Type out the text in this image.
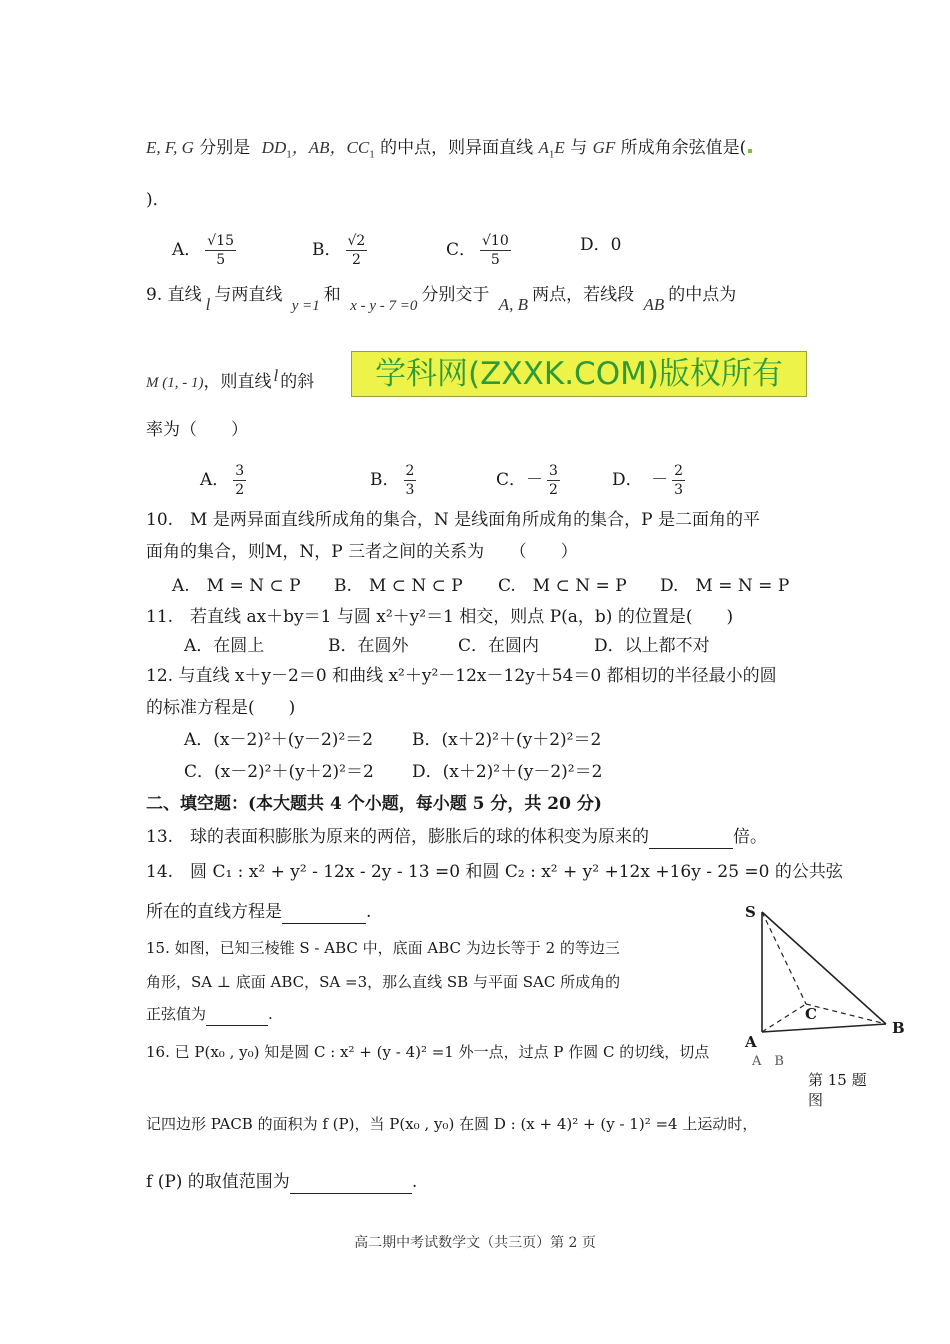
E, F, G 分别是 $DD_1$，AB，$CC_1$ 的中点，则异面直线 $A_1E$ 与 GF 所成角余弦值是(
)．
A． $\frac{√15}{5}$	B． $\frac{√2}{2}$	C． $\frac{√10}{5}$	D．0
9. 直线 l 与两直线 y =1和 x - y - 7 =0分别交于 A, B 两点，若线段 AB 的中点为
M (1, - 1)，则直线 l 的斜	学科网(ZXXK.COM)版权所有
率为（　　）
A． $\frac{3}{2}$	B． $\frac{2}{3}$	C．－ $\frac{3}{2}$	D．　－ $\frac{2}{3}$
10.　M 是两异面直线所成角的集合，N 是线面角所成角的集合，P 是二面角的平
面角的集合，则M，N，P 三者之间的关系为　　（　　）
A.　M = N ⊂ P B.　M ⊂ N ⊂ P C.　M ⊂ N = P D.　M = N = P
11.　若直线 ax＋by＝1 与圆 x²＋y²＝1 相交，则点 P(a，b) 的位置是(　　)
A．在圆上	B．在圆外	C．在圆内	D．以上都不对
12. 与直线 x＋y－2＝0 和曲线 x²＋y²－12x－12y＋54＝0 都相切的半径最小的圆
的标准方程是(　　)
A．(x－2)²＋(y－2)²＝2 B．(x＋2)²＋(y＋2)²＝2
C．(x－2)²＋(y＋2)²＝2 D．(x＋2)²＋(y－2)²＝2
二、填空题：(本大题共 4 个小题，每小题 5 分，共 20 分)
13.　球的表面积膨胀为原来的两倍，膨胀后的球的体积变为原来的	倍。
14.　圆 C₁ : x² + y² - 12x - 2y - 13 =0 和圆 C₂ : x² + y² +12x +16y - 25 =0 的公共弦
所在的直线方程是	.
15. 如图，已知三棱锥 S - ABC 中，底面 ABC 为边长等于 2 的等边三
角形，SA ⊥ 底面 ABC，SA =3，那么直线 SB 与平面 SAC 所成角的
正弦值为	.
S
A
B
C
A　B
第 15 题
图
16. 已 P(x₀ , y₀) 知是圆 C : x² + (y - 4)² =1 外一点，过点 P 作圆 C 的切线，切点
记四边形 PACB 的面积为 f (P)，当 P(x₀ , y₀) 在圆 D : (x + 4)² + (y - 1)² =4 上运动时，
f (P) 的取值范围为	.
高二期中考试数学文（共三页）第 2 页
